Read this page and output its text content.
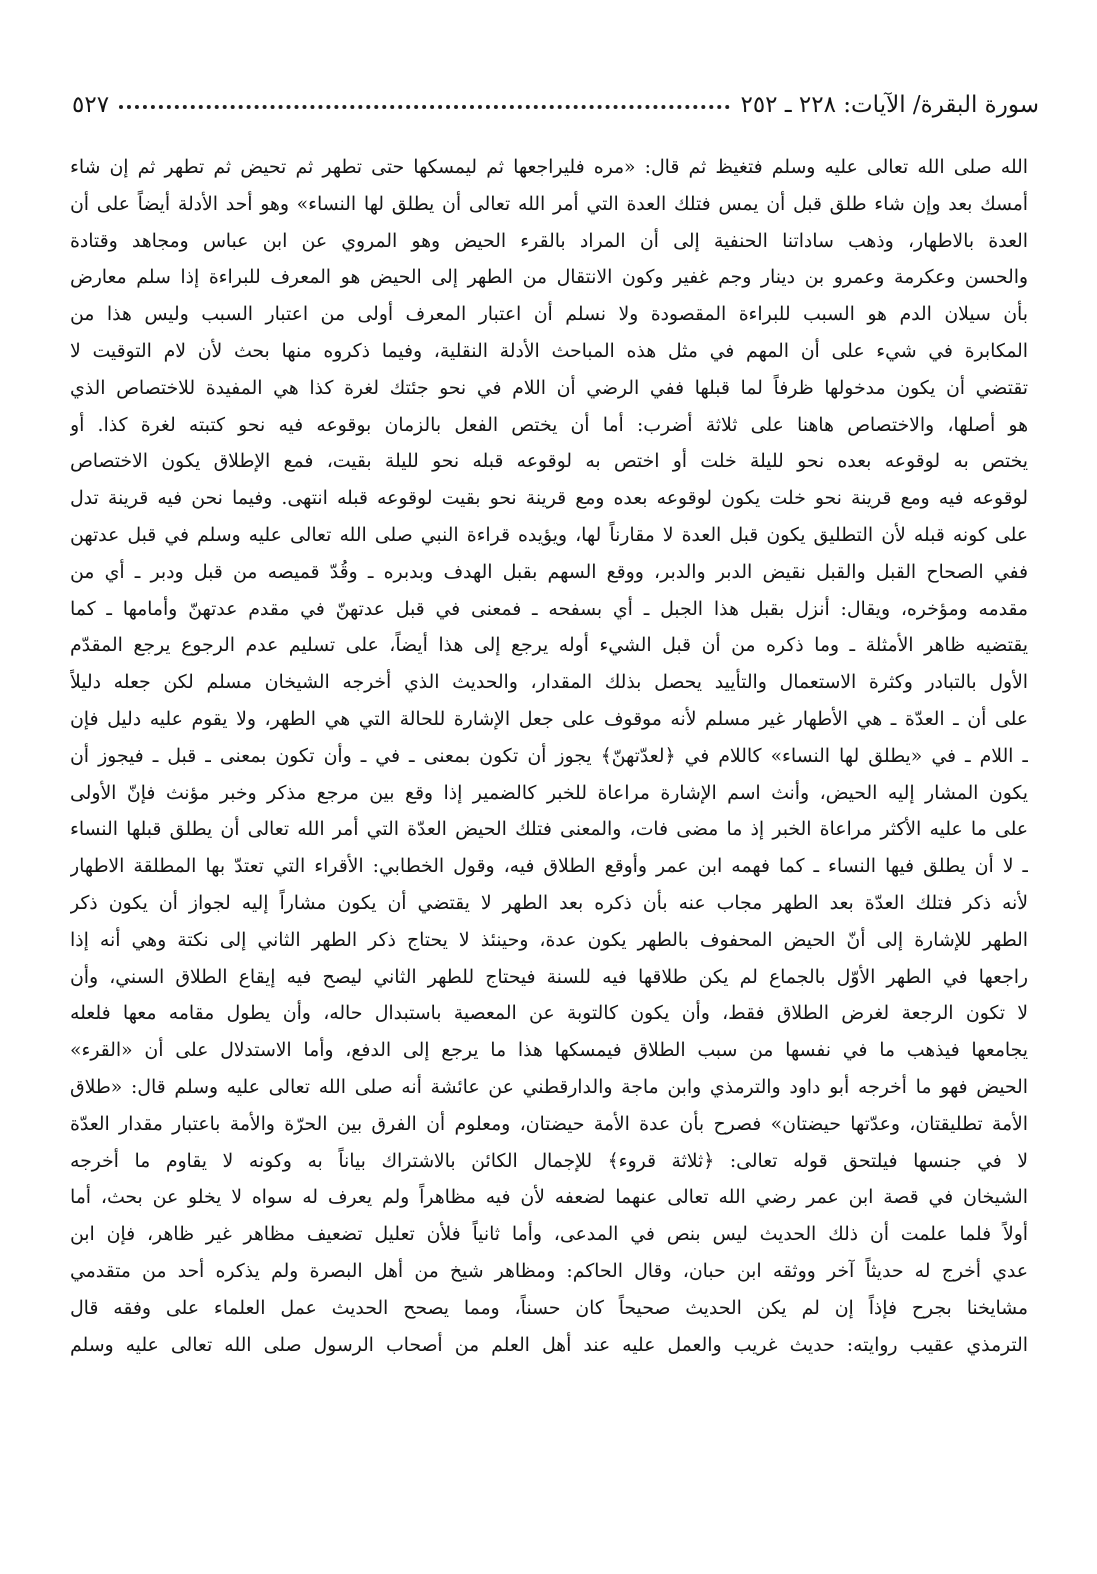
سورة البقرة/ الآيات: ٢٢٨ ـ ٢٥٢
٥٢٧
الله صلى الله تعالى عليه وسلم فتغيظ ثم قال: «مره فليراجعها ثم ليمسكها حتى تطهر ثم تحيض ثم تطهر ثم إن شاء
أمسك بعد وإن شاء طلق قبل أن يمس فتلك العدة التي أمر الله تعالى أن يطلق لها النساء» وهو أحد الأدلة أيضاً على أن
العدة بالاطهار، وذهب ساداتنا الحنفية إلى أن المراد بالقرء الحيض وهو المروي عن ابن عباس ومجاهد وقتادة
والحسن وعكرمة وعمرو بن دينار وجم غفير وكون الانتقال من الطهر إلى الحيض هو المعرف للبراءة إذا سلم معارض
بأن سيلان الدم هو السبب للبراءة المقصودة ولا نسلم أن اعتبار المعرف أولى من اعتبار السبب وليس هذا من
المكابرة في شيء على أن المهم في مثل هذه المباحث الأدلة النقلية، وفيما ذكروه منها بحث لأن لام التوقيت لا
تقتضي أن يكون مدخولها ظرفاً لما قبلها ففي الرضي أن اللام في نحو جئتك لغرة كذا هي المفيدة للاختصاص الذي
هو أصلها، والاختصاص هاهنا على ثلاثة أضرب: أما أن يختص الفعل بالزمان بوقوعه فيه نحو كتبته لغرة كذا. أو
يختص به لوقوعه بعده نحو لليلة خلت أو اختص به لوقوعه قبله نحو لليلة بقيت، فمع الإطلاق يكون الاختصاص
لوقوعه فيه ومع قرينة نحو خلت يكون لوقوعه بعده ومع قرينة نحو بقيت لوقوعه قبله انتهى. وفيما نحن فيه قرينة تدل
على كونه قبله لأن التطليق يكون قبل العدة لا مقارناً لها، ويؤيده قراءة النبي صلى الله تعالى عليه وسلم في قبل عدتهن
ففي الصحاح القبل والقبل نقيض الدبر والدبر، ووقع السهم بقبل الهدف وبدبره ـ وقُدّ قميصه من قبل ودبر ـ أي من
مقدمه ومؤخره، ويقال: أنزل بقبل هذا الجبل ـ أي بسفحه ـ فمعنى في قبل عدتهنّ في مقدم عدتهنّ وأمامها ـ كما
يقتضيه ظاهر الأمثلة ـ وما ذكره من أن قبل الشيء أوله يرجع إلى هذا أيضاً، على تسليم عدم الرجوع يرجع المقدّم
الأول بالتبادر وكثرة الاستعمال والتأييد يحصل بذلك المقدار، والحديث الذي أخرجه الشيخان مسلم لكن جعله دليلاً
على أن ـ العدّة ـ هي الأطهار غير مسلم لأنه موقوف على جعل الإشارة للحالة التي هي الطهر، ولا يقوم عليه دليل فإن
ـ اللام ـ في «يطلق لها النساء» كاللام في ﴿لعدّتهنّ﴾ يجوز أن تكون بمعنى ـ في ـ وأن تكون بمعنى ـ قبل ـ فيجوز أن
يكون المشار إليه الحيض، وأنث اسم الإشارة مراعاة للخبر كالضمير إذا وقع بين مرجع مذكر وخبر مؤنث فإنّ الأولى
على ما عليه الأكثر مراعاة الخبر إذ ما مضى فات، والمعنى فتلك الحيض العدّة التي أمر الله تعالى أن يطلق قبلها النساء
ـ لا أن يطلق فيها النساء ـ كما فهمه ابن عمر وأوقع الطلاق فيه، وقول الخطابي: الأقراء التي تعتدّ بها المطلقة الاطهار
لأنه ذكر فتلك العدّة بعد الطهر مجاب عنه بأن ذكره بعد الطهر لا يقتضي أن يكون مشاراً إليه لجواز أن يكون ذكر
الطهر للإشارة إلى أنّ الحيض المحفوف بالطهر يكون عدة، وحينئذ لا يحتاج ذكر الطهر الثاني إلى نكتة وهي أنه إذا
راجعها في الطهر الأوّل بالجماع لم يكن طلاقها فيه للسنة فيحتاج للطهر الثاني ليصح فيه إيقاع الطلاق السني، وأن
لا تكون الرجعة لغرض الطلاق فقط، وأن يكون كالتوبة عن المعصية باستبدال حاله، وأن يطول مقامه معها فلعله
يجامعها فيذهب ما في نفسها من سبب الطلاق فيمسكها هذا ما يرجع إلى الدفع، وأما الاستدلال على أن «القرء»
الحيض فهو ما أخرجه أبو داود والترمذي وابن ماجة والدارقطني عن عائشة أنه صلى الله تعالى عليه وسلم قال: «طلاق
الأمة تطليقتان، وعدّتها حيضتان» فصرح بأن عدة الأمة حيضتان، ومعلوم أن الفرق بين الحرّة والأمة باعتبار مقدار العدّة
لا في جنسها فيلتحق قوله تعالى: ﴿ثلاثة قروء﴾ للإجمال الكائن بالاشتراك بياناً به وكونه لا يقاوم ما أخرجه
الشيخان في قصة ابن عمر رضي الله تعالى عنهما لضعفه لأن فيه مظاهراً ولم يعرف له سواه لا يخلو عن بحث، أما
أولاً فلما علمت أن ذلك الحديث ليس بنص في المدعى، وأما ثانياً فلأن تعليل تضعيف مظاهر غير ظاهر، فإن ابن
عدي أخرج له حديثاً آخر ووثقه ابن حبان، وقال الحاكم: ومظاهر شيخ من أهل البصرة ولم يذكره أحد من متقدمي
مشايخنا بجرح فإذاً إن لم يكن الحديث صحيحاً كان حسناً، ومما يصحح الحديث عمل العلماء على وفقه قال
الترمذي عقيب روايته: حديث غريب والعمل عليه عند أهل العلم من أصحاب الرسول صلى الله تعالى عليه وسلم
